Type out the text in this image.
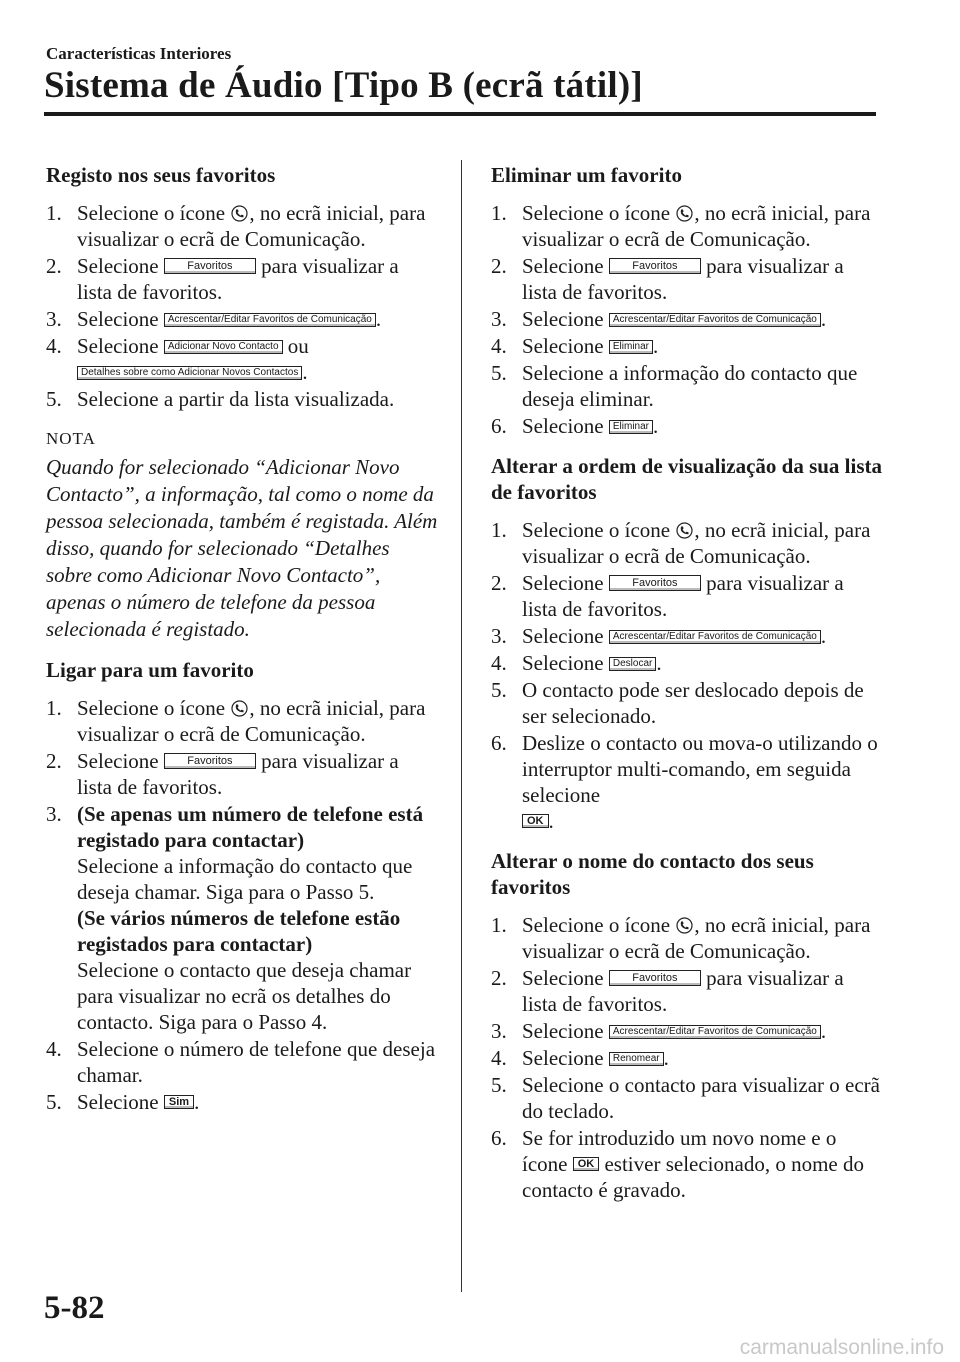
Características Interiores
Sistema de Áudio [Tipo B (ecrã tátil)]
Registo nos seus favoritos
1. Selecione o ícone , no ecrã inicial, para visualizar o ecrã de Comunicação.
2. Selecione Favoritos para visualizar a lista de favoritos.
3. Selecione Acrescentar/Editar Favoritos de Comunicação .
4. Selecione Adicionar Novo Contacto ou
Detalhes sobre como Adicionar Novos Contactos .
5. Selecione a partir da lista visualizada.
NOTA
Quando for selecionado “Adicionar Novo Contacto”, a informação, tal como o nome da pessoa selecionada, também é registada. Além disso, quando for selecionado “Detalhes sobre como Adicionar Novo Contacto”, apenas o número de telefone da pessoa selecionada é registado.
Ligar para um favorito
1. Selecione o ícone , no ecrã inicial, para visualizar o ecrã de Comunicação.
2. Selecione Favoritos para visualizar a lista de favoritos.
3. (Se apenas um número de telefone está registado para contactar)
Selecione a informação do contacto que deseja chamar. Siga para o Passo 5.
(Se vários números de telefone estão registados para contactar)
Selecione o contacto que deseja chamar para visualizar no ecrã os detalhes do contacto. Siga para o Passo 4.
4. Selecione o número de telefone que deseja chamar.
5. Selecione Sim .
Eliminar um favorito
1. Selecione o ícone , no ecrã inicial, para visualizar o ecrã de Comunicação.
2. Selecione Favoritos para visualizar a lista de favoritos.
3. Selecione Acrescentar/Editar Favoritos de Comunicação .
4. Selecione Eliminar .
5. Selecione a informação do contacto que deseja eliminar.
6. Selecione Eliminar .
Alterar a ordem de visualização da sua lista de favoritos
1. Selecione o ícone , no ecrã inicial, para visualizar o ecrã de Comunicação.
2. Selecione Favoritos para visualizar a lista de favoritos.
3. Selecione Acrescentar/Editar Favoritos de Comunicação .
4. Selecione Deslocar .
5. O contacto pode ser deslocado depois de ser selecionado.
6. Deslize o contacto ou mova-o utilizando o interruptor multi-comando, em seguida selecione
OK .
Alterar o nome do contacto dos seus favoritos
1. Selecione o ícone , no ecrã inicial, para visualizar o ecrã de Comunicação.
2. Selecione Favoritos para visualizar a lista de favoritos.
3. Selecione Acrescentar/Editar Favoritos de Comunicação .
4. Selecione Renomear .
5. Selecione o contacto para visualizar o ecrã do teclado.
6. Se for introduzido um novo nome e o ícone OK estiver selecionado, o nome do contacto é gravado.
5-82
carmanualsonline.info
